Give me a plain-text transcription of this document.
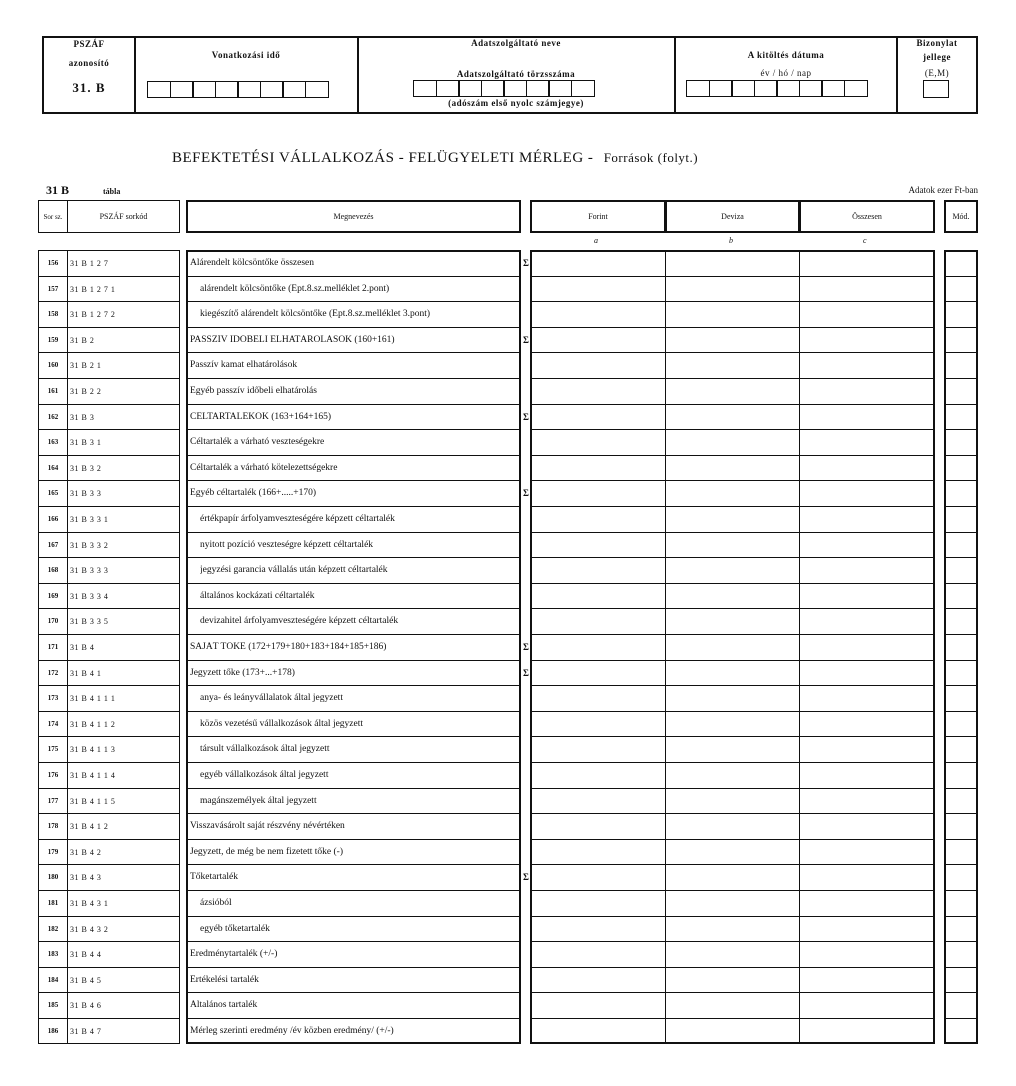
PSZÁF
azonosító
31. B
Vonatkozási idő
Adatszolgáltató neve
Adatszolgáltató törzsszáma
(adószám első nyolc számjegye)
A kitöltés dátuma
év / hó / nap
Bizonylat
jellege
(E,M)
BEFEKTETÉSI VÁLLALKOZÁS - FELÜGYELETI MÉRLEG - Források (folyt.)
31 B	tábla	Adatok ezer Ft-ban
Sor sz.	PSZÁF sorkód	Megnevezés	Forint	Deviza	Összesen	Mód.
a	b	c
156	31 B 1 2 7	Alárendelt kölcsöntőke összesen	Σ
157	31 B 1 2 7 1	alárendelt kölcsöntőke (Épt.8.sz.melléklet 2.pont)
158	31 B 1 2 7 2	kiegészítő alárendelt kölcsöntőke (Épt.8.sz.melléklet 3.pont)
159	31 B 2	PASSZÍV IDŐBELI ELHATÁROLÁSOK (160+161)	Σ
160	31 B 2 1	Passzív kamat elhatárolások
161	31 B 2 2	Egyéb passzív időbeli elhatárolás
162	31 B 3	CÉLTARTALÉKOK (163+164+165)	Σ
163	31 B 3 1	Céltartalék a várható veszteségekre
164	31 B 3 2	Céltartalék a várható kötelezettségekre
165	31 B 3 3	Egyéb céltartalék (166+.....+170)	Σ
166	31 B 3 3 1	értékpapír árfolyamveszteségére képzett céltartalék
167	31 B 3 3 2	nyitott pozíció veszteségre képzett céltartalék
168	31 B 3 3 3	jegyzési garancia vállalás után képzett céltartalék
169	31 B 3 3 4	általános kockázati céltartalék
170	31 B 3 3 5	devizahitel árfolyamveszteségére képzett céltartalék
171	31 B 4	SAJÁT TŐKE (172+179+180+183+184+185+186)	Σ
172	31 B 4 1	Jegyzett tőke (173+...+178)	Σ
173	31 B 4 1 1 1	anya- és leányvállalatok által jegyzett
174	31 B 4 1 1 2	közös vezetésű vállalkozások által jegyzett
175	31 B 4 1 1 3	társult vállalkozások által jegyzett
176	31 B 4 1 1 4	egyéb vállalkozások által jegyzett
177	31 B 4 1 1 5	magánszemélyek által jegyzett
178	31 B 4 1 2	Visszavásárolt saját részvény névértéken
179	31 B 4 2	Jegyzett, de még be nem fizetett tőke (-)
180	31 B 4 3	Tőketartalék	Σ
181	31 B 4 3 1	ázsióból
182	31 B 4 3 2	egyéb tőketartalék
183	31 B 4 4	Eredménytartalék (+/-)
184	31 B 4 5	Értékelési tartalék
185	31 B 4 6	Általános tartalék
186	31 B 4 7	Mérleg szerinti eredmény /év közben eredmény/ (+/-)
